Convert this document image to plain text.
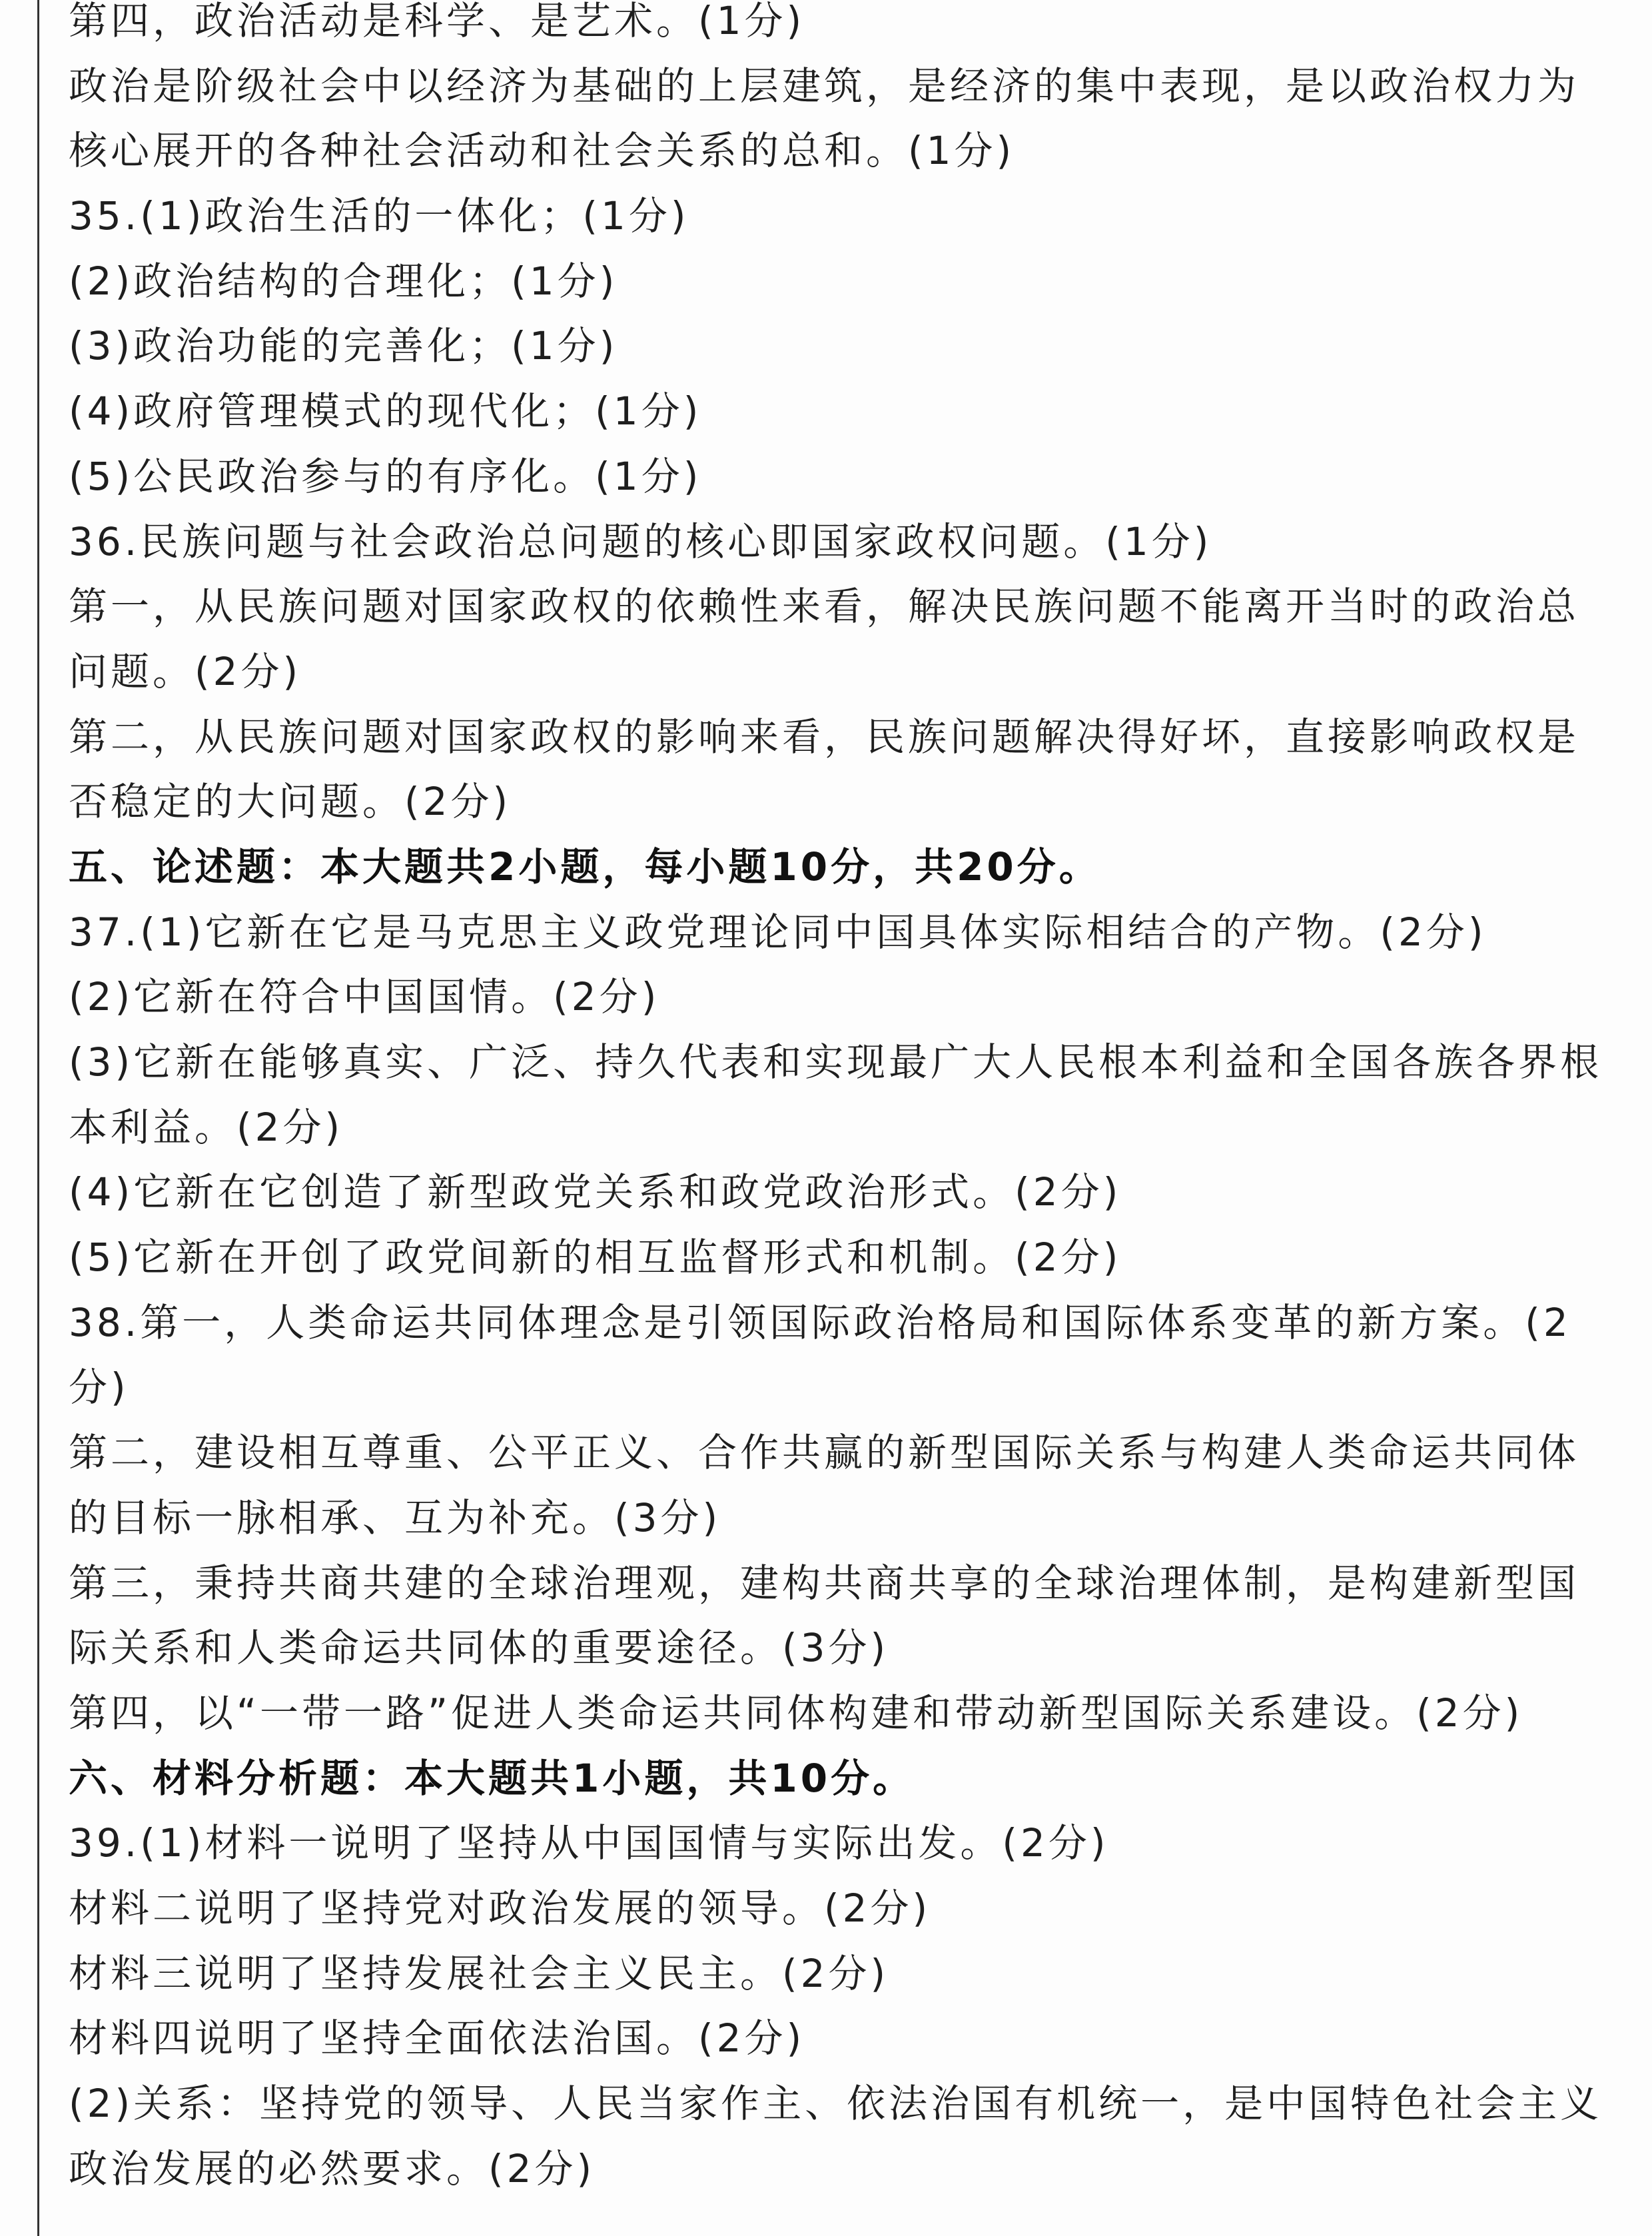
第四，政治活动是科学、是艺术。(1分)
政治是阶级社会中以经济为基础的上层建筑，是经济的集中表现，是以政治权力为
核心展开的各种社会活动和社会关系的总和。(1分)
35.(1)政治生活的一体化；(1分)
(2)政治结构的合理化；(1分)
(3)政治功能的完善化；(1分)
(4)政府管理模式的现代化；(1分)
(5)公民政治参与的有序化。(1分)
36.民族问题与社会政治总问题的核心即国家政权问题。(1分)
第一，从民族问题对国家政权的依赖性来看，解决民族问题不能离开当时的政治总
问题。(2分)
第二，从民族问题对国家政权的影响来看，民族问题解决得好坏，直接影响政权是
否稳定的大问题。(2分)
五、论述题：本大题共2小题，每小题10分，共20分。
37.(1)它新在它是马克思主义政党理论同中国具体实际相结合的产物。(2分)
(2)它新在符合中国国情。(2分)
(3)它新在能够真实、广泛、持久代表和实现最广大人民根本利益和全国各族各界根
本利益。(2分)
(4)它新在它创造了新型政党关系和政党政治形式。(2分)
(5)它新在开创了政党间新的相互监督形式和机制。(2分)
38.第一，人类命运共同体理念是引领国际政治格局和国际体系变革的新方案。(2
分)
第二，建设相互尊重、公平正义、合作共赢的新型国际关系与构建人类命运共同体
的目标一脉相承、互为补充。(3分)
第三，秉持共商共建的全球治理观，建构共商共享的全球治理体制，是构建新型国
际关系和人类命运共同体的重要途径。(3分)
第四，以“一带一路”促进人类命运共同体构建和带动新型国际关系建设。(2分)
六、材料分析题：本大题共1小题，共10分。
39.(1)材料一说明了坚持从中国国情与实际出发。(2分)
材料二说明了坚持党对政治发展的领导。(2分)
材料三说明了坚持发展社会主义民主。(2分)
材料四说明了坚持全面依法治国。(2分)
(2)关系：坚持党的领导、人民当家作主、依法治国有机统一，是中国特色社会主义
政治发展的必然要求。(2分)
